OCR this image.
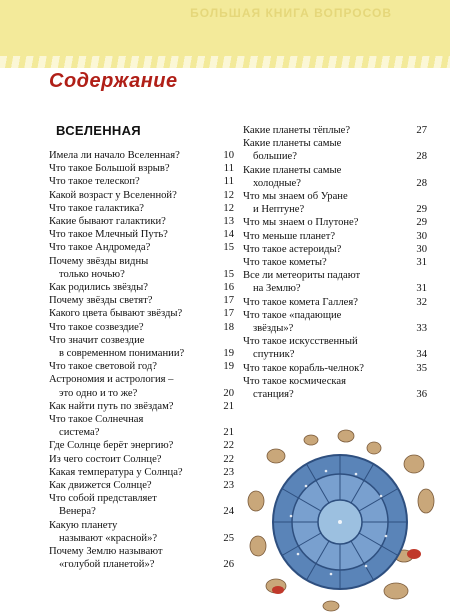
БОЛЬШАЯ КНИГА ВОПРОСОВ
Содержание
ВСЕЛЕННАЯ
Имела ли начало Вселенная?	10
Что такое Большой взрыв?	11
Что такое телескоп?	11
Какой возраст у Вселенной?	12
Что такое галактика?	12
Какие бывают галактики?	13
Что такое Млечный Путь?	14
Что такое Андромеда?	15
Почему звёзды видны
только ночью?	15
Как родились звёзды?	16
Почему звёзды светят?	17
Какого цвета бывают звёзды?	17
Что такое созвездие?	18
Что значит созвездие
в современном понимании?	19
Что такое световой год?	19
Астрономия и астрология –
это одно и то же?	20
Как найти путь по звёздам?	21
Что такое Солнечная
система?	21
Где Солнце берёт энергию?	22
Из чего состоит Солнце?	22
Какая температура у Солнца?	23
Как движется Солнце?	23
Что собой представляет
Венера?	24
Какую планету
называют «красной»?	25
Почему Землю называют
«голубой планетой»?	26
Какие планеты тёплые?	27
Какие планеты самые
большие?	28
Какие планеты самые
холодные?	28
Что мы знаем об Уране
и Нептуне?	29
Что мы знаем о Плутоне?	29
Что меньше планет?	30
Что такое астероиды?	30
Что такое кометы?	31
Все ли метеориты падают
на Землю?	31
Что такое комета Галлея?	32
Что такое «падающие
звёзды»?	33
Что такое искусственный
спутник?	34
Что такое корабль-челнок?	35
Что такое космическая
станция?	36
